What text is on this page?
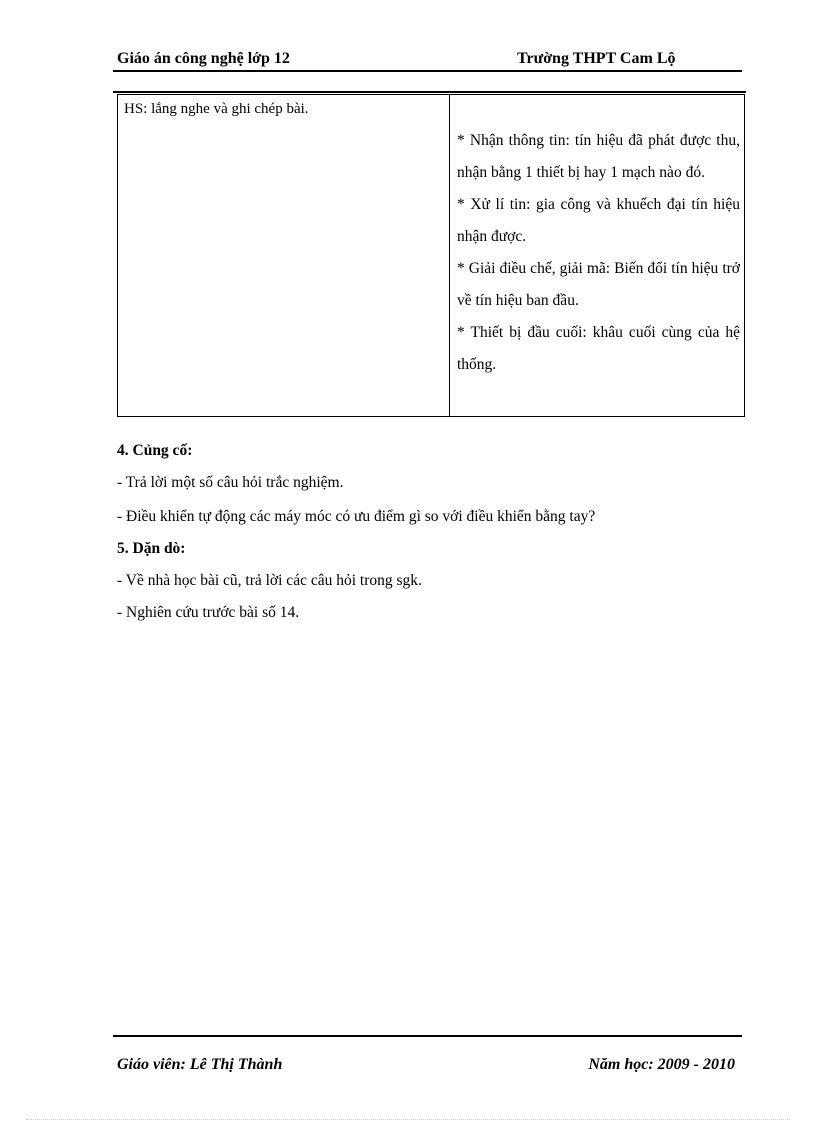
Giáo án công nghệ lớp 12	Trường THPT Cam Lộ
HS: lắng nghe và ghi chép bài.

* Nhận thông tin: tín hiệu đã phát được thu, nhận bằng 1 thiết bị hay 1 mạch nào đó.

* Xử lí tin: gia công và khuếch đại tín hiệu nhận được.

* Giải điều chế, giải mã: Biến đổi tín hiệu trở về tín hiệu ban đầu.

* Thiết bị đầu cuối: khâu cuối cùng của hệ thống.

4. Củng cố:
- Trả lời một số câu hỏi trắc nghiệm.
- Điều khiển tự động các máy móc có ưu điểm gì so với điều khiển bằng tay?
5. Dặn dò:
- Về nhà học bài cũ, trả lời các câu hỏi trong sgk.
- Nghiên cứu trước bài số 14.
Giáo viên: Lê Thị Thành	Năm học: 2009 - 2010
